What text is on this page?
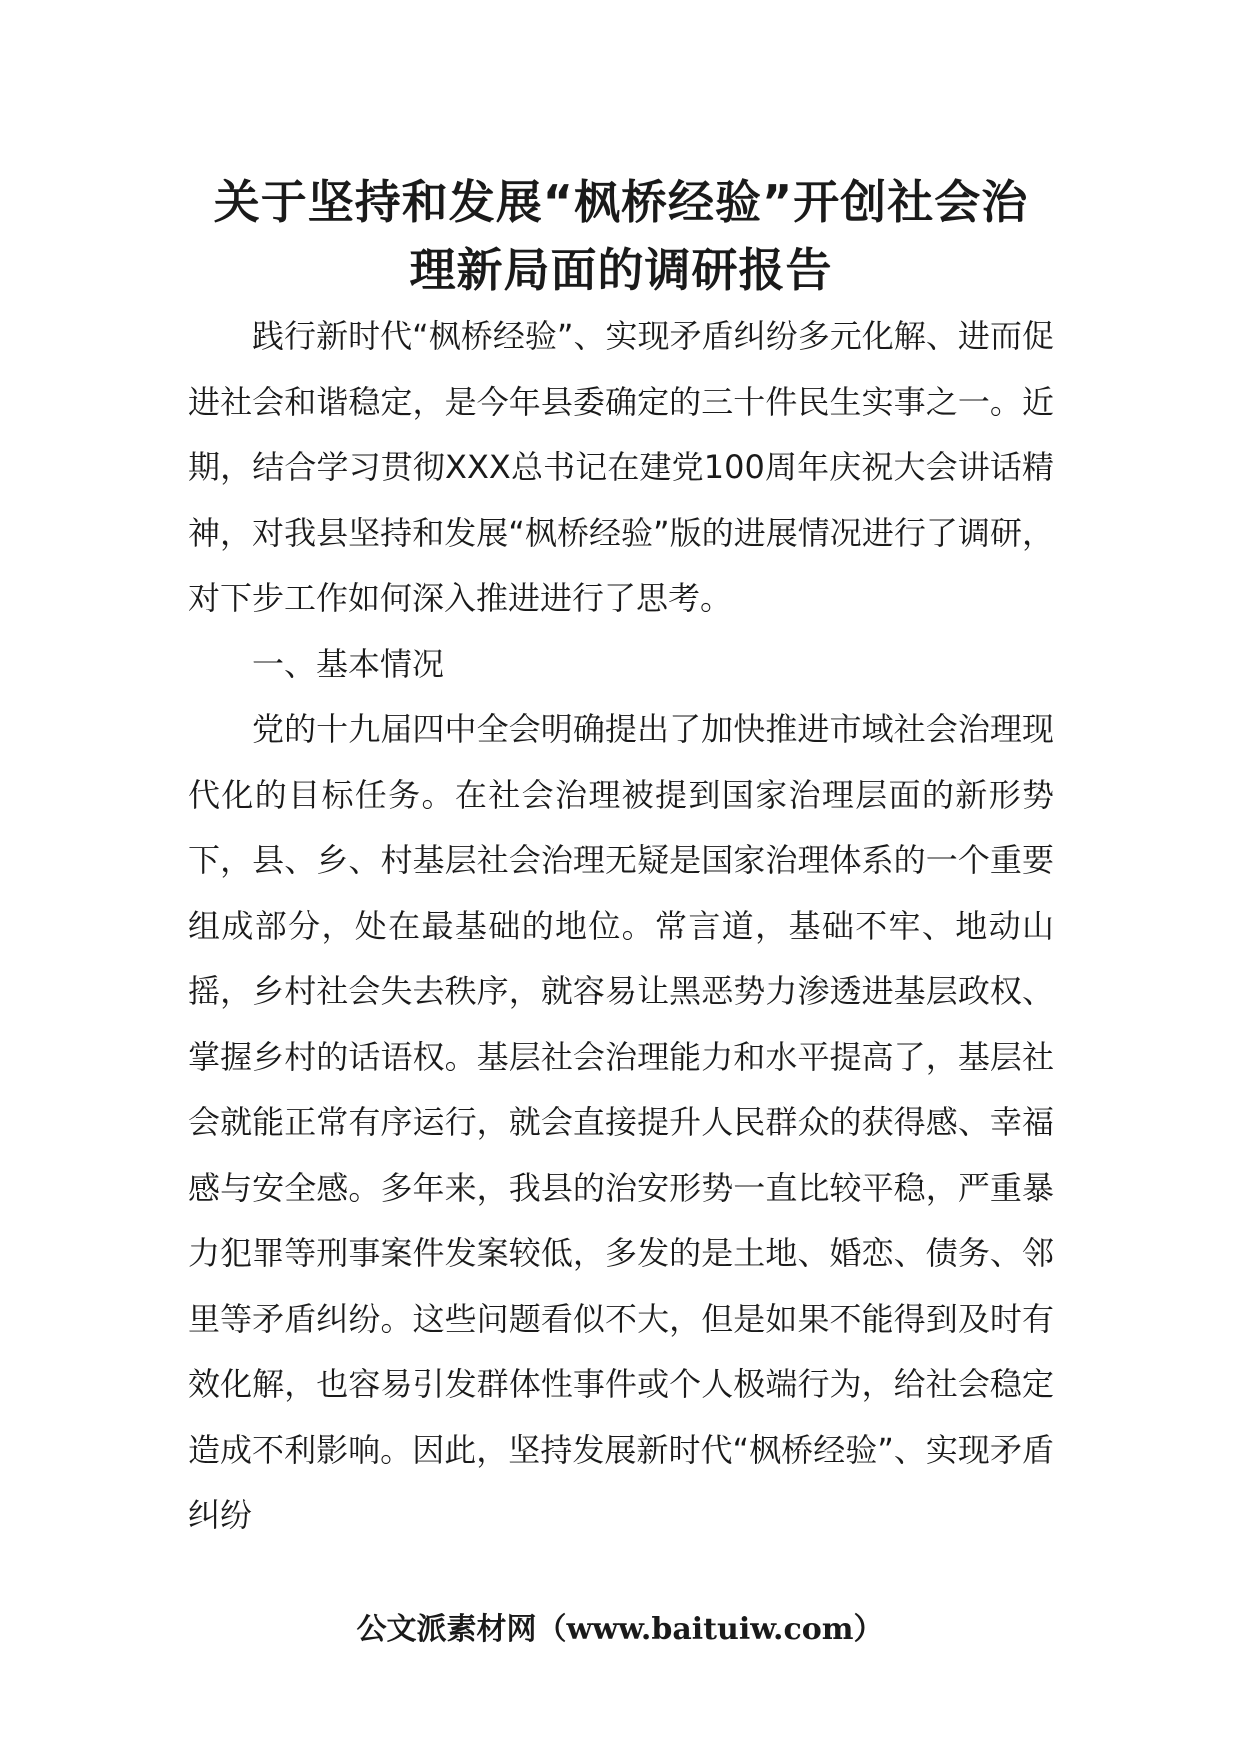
关于坚持和发展“枫桥经验”开创社会治
理新局面的调研报告

践行新时代“枫桥经验”、实现矛盾纠纷多元化解、进而促进社会和谐稳定，是今年县委确定的三十件民生实事之一。近期，结合学习贯彻XXX总书记在建党100周年庆祝大会讲话精神，对我县坚持和发展“枫桥经验”版的进展情况进行了调研，对下步工作如何深入推进进行了思考。

一、基本情况

党的十九届四中全会明确提出了加快推进市域社会治理现代化的目标任务。在社会治理被提到国家治理层面的新形势下，县、乡、村基层社会治理无疑是国家治理体系的一个重要组成部分，处在最基础的地位。常言道，基础不牢、地动山摇，乡村社会失去秩序，就容易让黑恶势力渗透进基层政权、掌握乡村的话语权。基层社会治理能力和水平提高了，基层社会就能正常有序运行，就会直接提升人民群众的获得感、幸福感与安全感。多年来，我县的治安形势一直比较平稳，严重暴力犯罪等刑事案件发案较低，多发的是土地、婚恋、债务、邻里等矛盾纠纷。这些问题看似不大，但是如果不能得到及时有效化解，也容易引发群体性事件或个人极端行为，给社会稳定造成不利影响。因此，坚持发展新时代“枫桥经验”、实现矛盾纠纷

公文派素材网（www.baituiw.com）
